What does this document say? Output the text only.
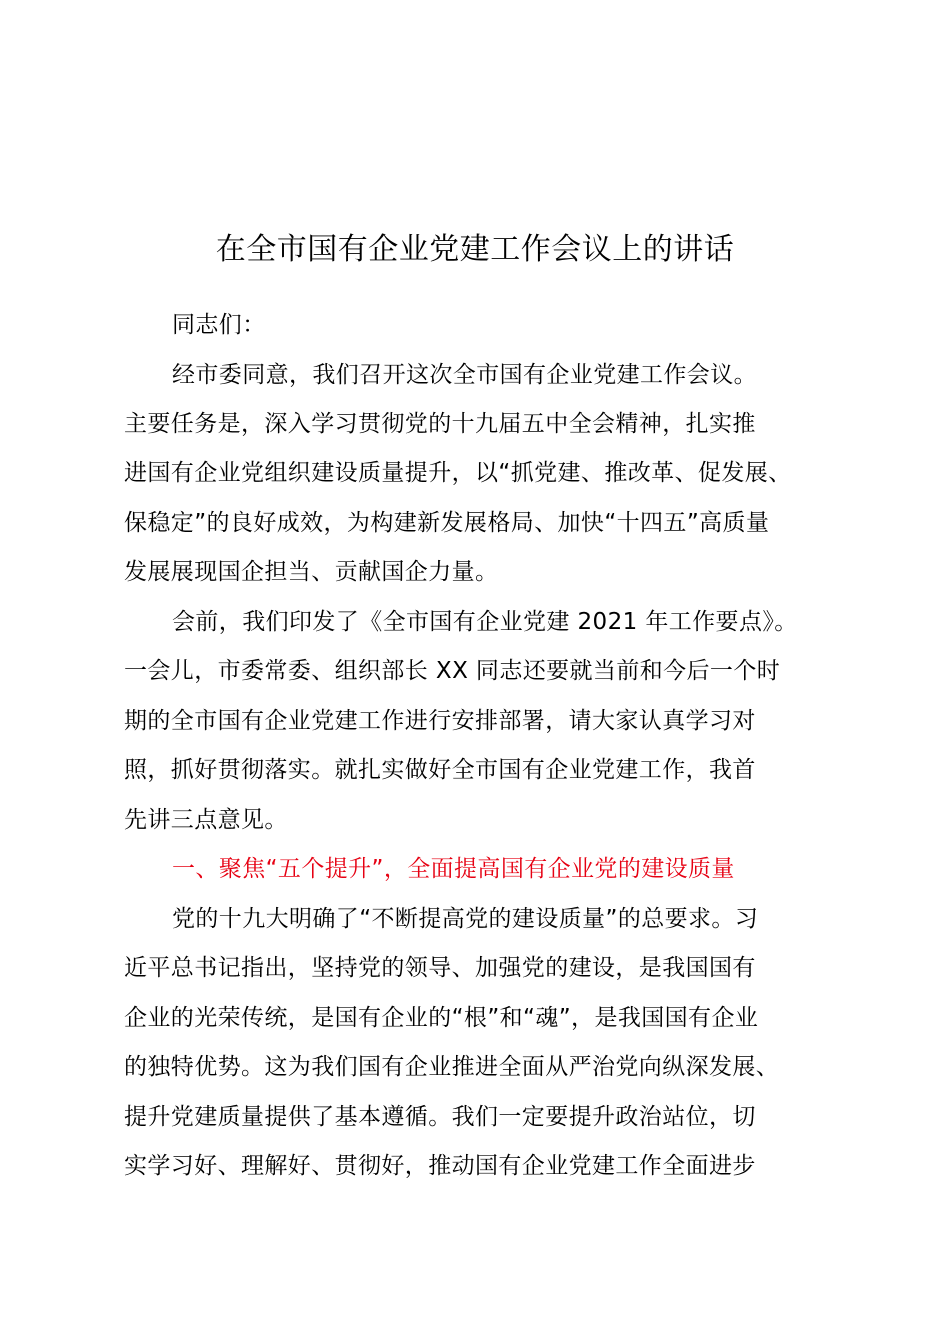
在全市国有企业党建工作会议上的讲话
同志们：
经市委同意，我们召开这次全市国有企业党建工作会议。
主要任务是，深入学习贯彻党的十九届五中全会精神，扎实推
进国有企业党组织建设质量提升，以“抓党建、推改革、促发展、
保稳定”的良好成效，为构建新发展格局、加快“十四五”高质量
发展展现国企担当、贡献国企力量。
会前，我们印发了《全市国有企业党建 2021 年工作要点》。
一会儿，市委常委、组织部长 XX 同志还要就当前和今后一个时
期的全市国有企业党建工作进行安排部署，请大家认真学习对
照，抓好贯彻落实。就扎实做好全市国有企业党建工作，我首
先讲三点意见。
一、聚焦“五个提升”，全面提高国有企业党的建设质量
党的十九大明确了“不断提高党的建设质量”的总要求。习
近平总书记指出，坚持党的领导、加强党的建设，是我国国有
企业的光荣传统，是国有企业的“根”和“魂”，是我国国有企业
的独特优势。这为我们国有企业推进全面从严治党向纵深发展、
提升党建质量提供了基本遵循。我们一定要提升政治站位，切
实学习好、理解好、贯彻好，推动国有企业党建工作全面进步
